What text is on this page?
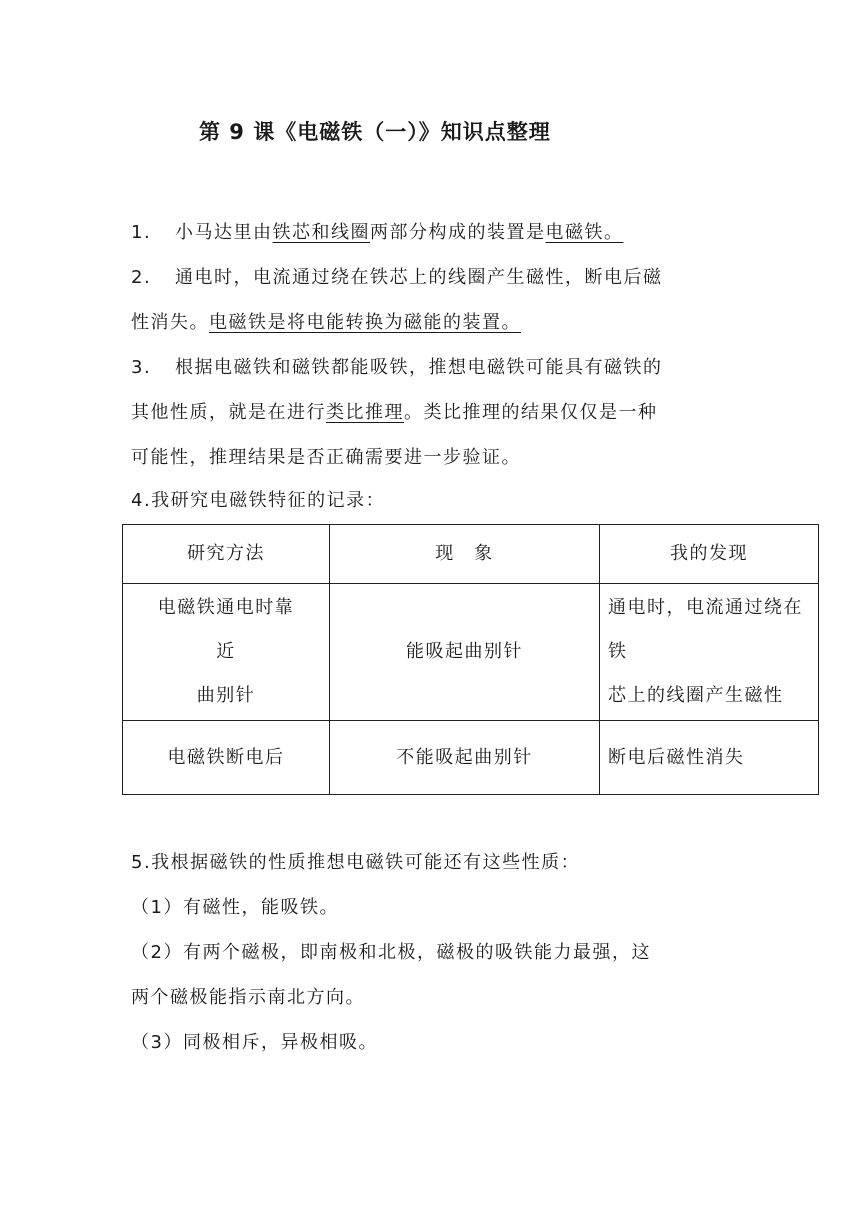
第 9 课《电磁铁（一）》知识点整理
1. 小马达里由铁芯和线圈两部分构成的装置是电磁铁。
2. 通电时，电流通过绕在铁芯上的线圈产生磁性，断电后磁
性消失。电磁铁是将电能转换为磁能的装置。
3. 根据电磁铁和磁铁都能吸铁，推想电磁铁可能具有磁铁的
其他性质，就是在进行类比推理。类比推理的结果仅仅是一种
可能性，推理结果是否正确需要进一步验证。
4.我研究电磁铁特征的记录：
研究方法	现　象	我的发现

电磁铁通电时靠
近
曲别针	能吸起曲别针	通电时，电流通过绕在铁
芯上的线圈产生磁性

电磁铁断电后	不能吸起曲别针	断电后磁性消失
5.我根据磁铁的性质推想电磁铁可能还有这些性质：
（1）有磁性，能吸铁。
（2）有两个磁极，即南极和北极，磁极的吸铁能力最强，这
两个磁极能指示南北方向。
（3）同极相斥，异极相吸。
